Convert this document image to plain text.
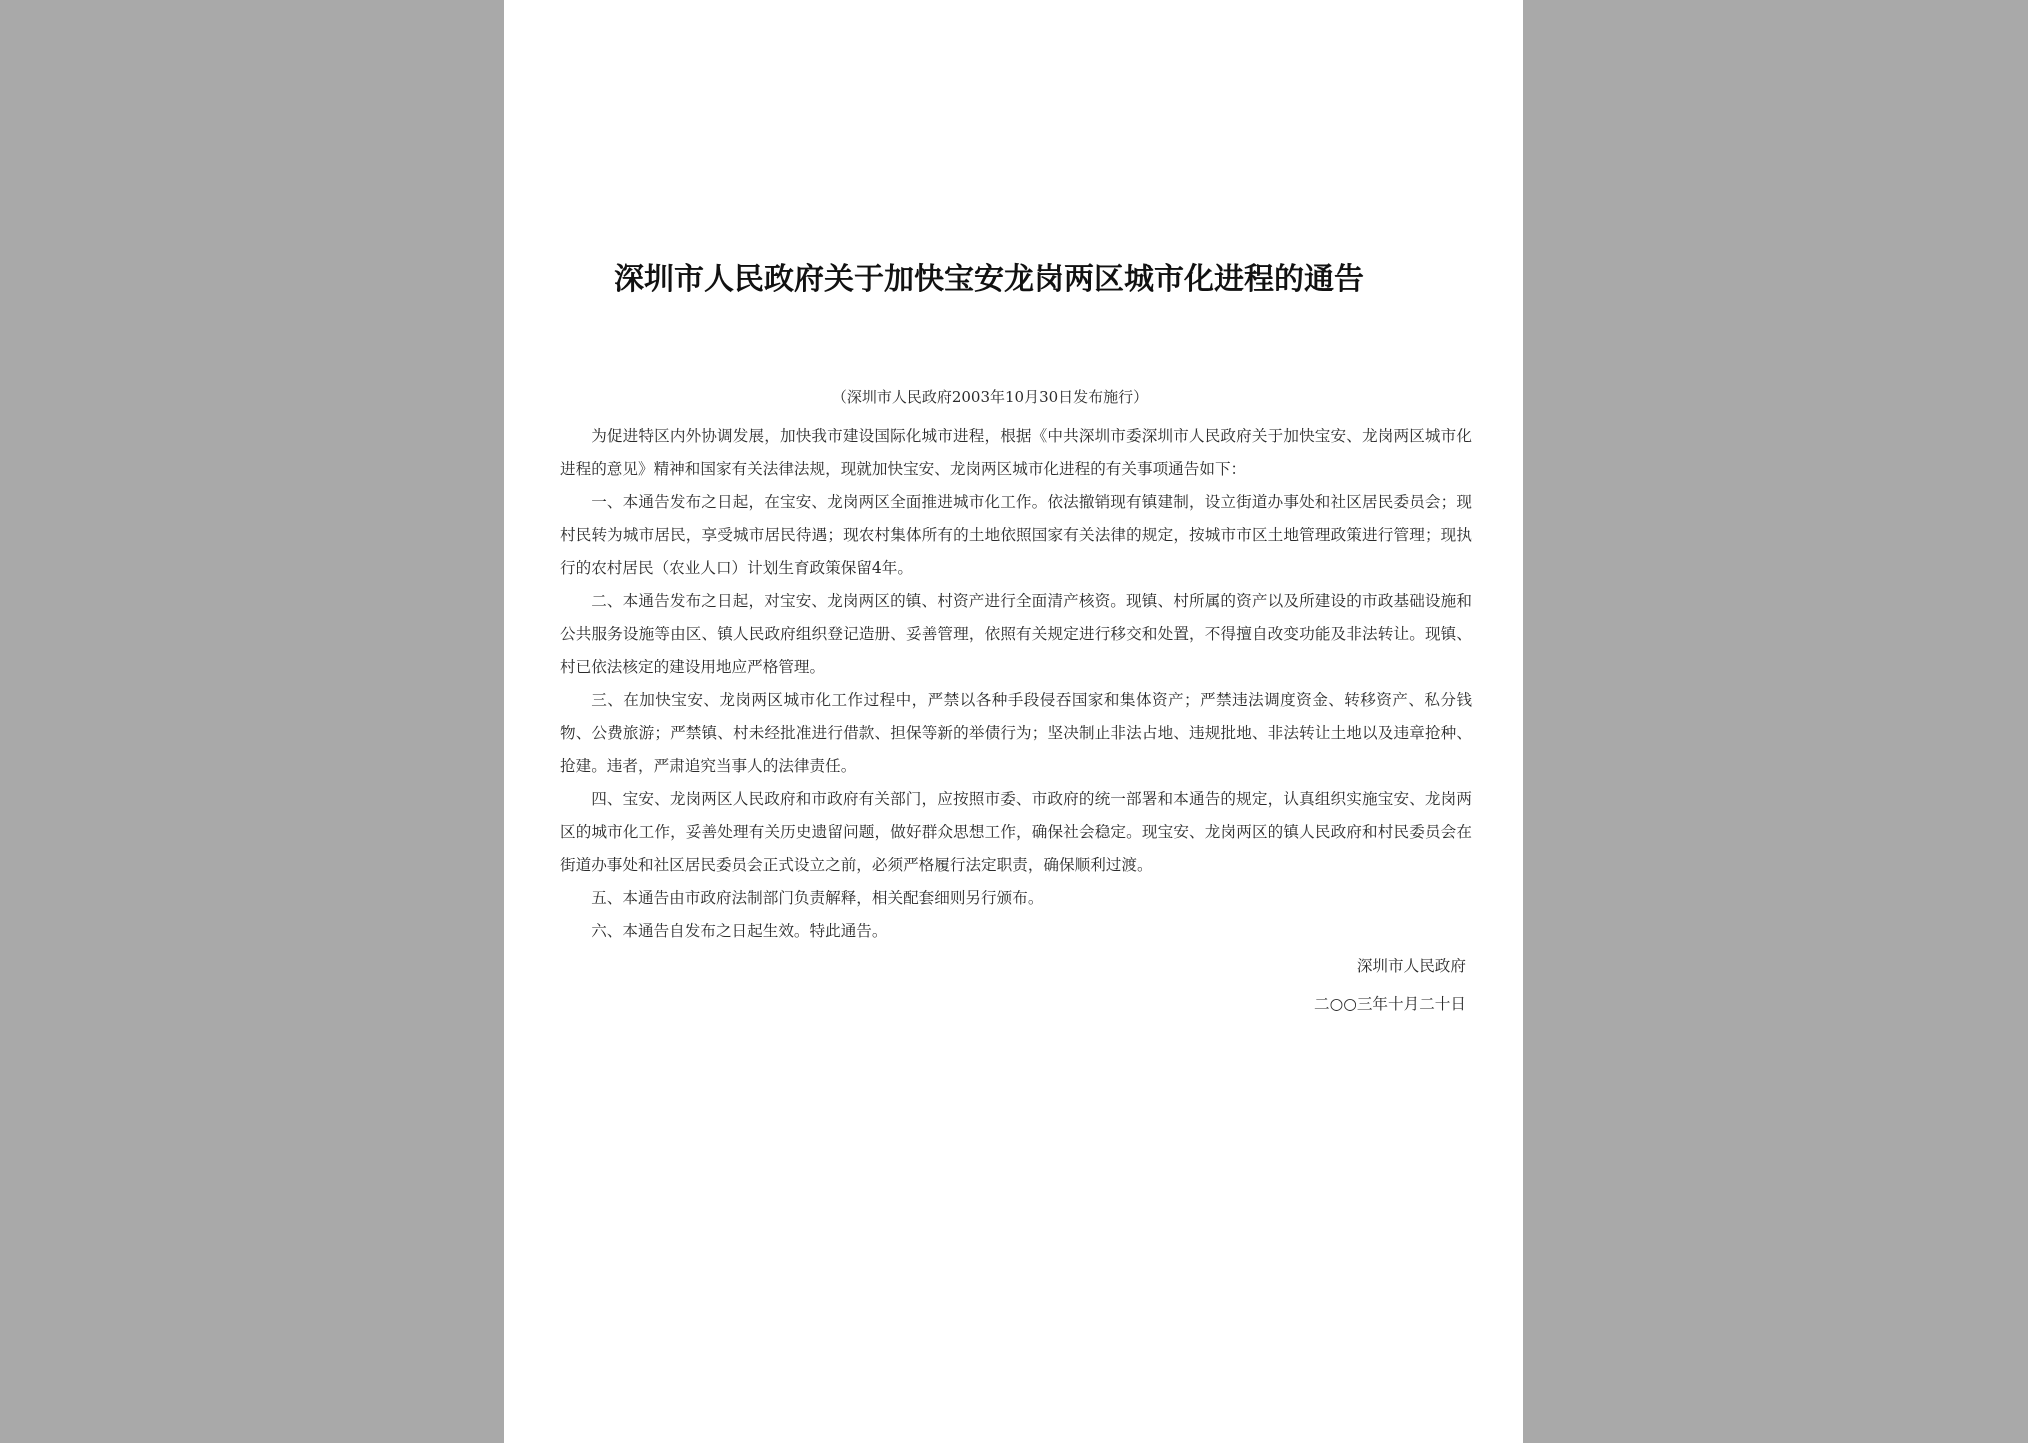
深圳市人民政府关于加快宝安龙岗两区城市化进程的通告
（深圳市人民政府2003年10月30日发布施行）

为促进特区内外协调发展，加快我市建设国际化城市进程，根据《中共深圳市委深圳市人民政府关于加快宝安、龙岗两区城市化进程的意见》精神和国家有关法律法规，现就加快宝安、龙岗两区城市化进程的有关事项通告如下：

一、本通告发布之日起，在宝安、龙岗两区全面推进城市化工作。依法撤销现有镇建制，设立街道办事处和社区居民委员会；现村民转为城市居民，享受城市居民待遇；现农村集体所有的土地依照国家有关法律的规定，按城市市区土地管理政策进行管理；现执行的农村居民（农业人口）计划生育政策保留4年。

二、本通告发布之日起，对宝安、龙岗两区的镇、村资产进行全面清产核资。现镇、村所属的资产以及所建设的市政基础设施和公共服务设施等由区、镇人民政府组织登记造册、妥善管理，依照有关规定进行移交和处置，不得擅自改变功能及非法转让。现镇、村已依法核定的建设用地应严格管理。

三、在加快宝安、龙岗两区城市化工作过程中，严禁以各种手段侵吞国家和集体资产；严禁违法调度资金、转移资产、私分钱物、公费旅游；严禁镇、村未经批准进行借款、担保等新的举债行为；坚决制止非法占地、违规批地、非法转让土地以及违章抢种、抢建。违者，严肃追究当事人的法律责任。

四、宝安、龙岗两区人民政府和市政府有关部门，应按照市委、市政府的统一部署和本通告的规定，认真组织实施宝安、龙岗两区的城市化工作，妥善处理有关历史遗留问题，做好群众思想工作，确保社会稳定。现宝安、龙岗两区的镇人民政府和村民委员会在街道办事处和社区居民委员会正式设立之前，必须严格履行法定职责，确保顺利过渡。

五、本通告由市政府法制部门负责解释，相关配套细则另行颁布。

六、本通告自发布之日起生效。特此通告。

深圳市人民政府
二○○三年十月二十日
